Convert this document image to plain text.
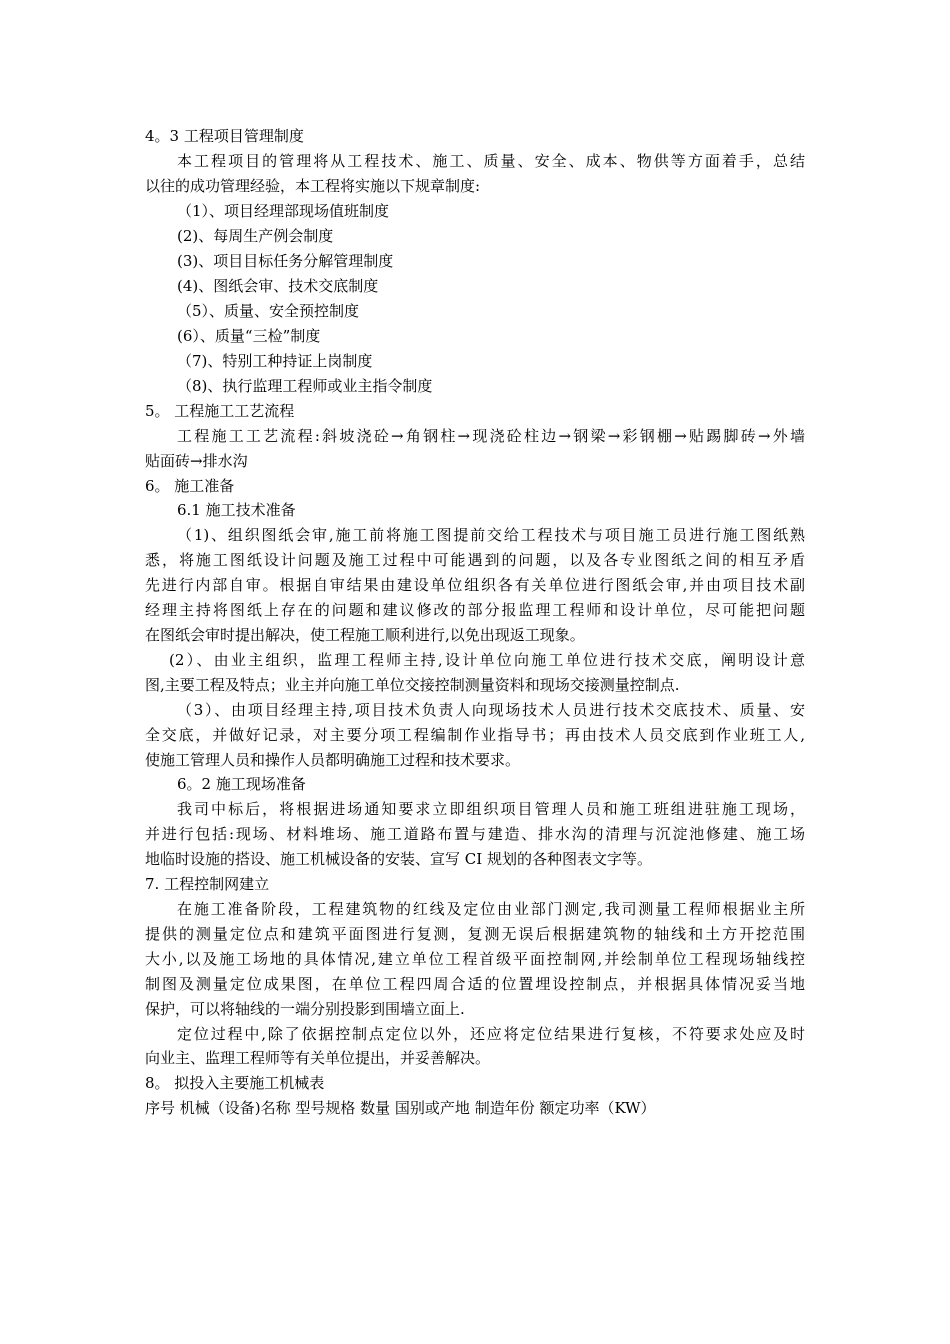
4。3 工程项目管理制度
本工程项目的管理将从工程技术、施工、质量、安全、成本、物供等方面着手，总结
以往的成功管理经验，本工程将实施以下规章制度:
（1）、项目经理部现场值班制度
(2)、每周生产例会制度
(3)、项目目标任务分解管理制度
(4)、图纸会审、技术交底制度
（5）、质量、安全预控制度
(6）、质量“三检”制度
（7)、特别工种持证上岗制度
（8)、执行监理工程师或业主指令制度
5。 工程施工工艺流程
工程施工工艺流程:斜坡浇砼→角钢柱→现浇砼柱边→钢梁→彩钢棚→贴踢脚砖→外墙
贴面砖→排水沟
6。 施工准备
6.1 施工技术准备
（1)、组织图纸会审,施工前将施工图提前交给工程技术与项目施工员进行施工图纸熟
悉，将施工图纸设计问题及施工过程中可能遇到的问题，以及各专业图纸之间的相互矛盾
先进行内部自审。根据自审结果由建设单位组织各有关单位进行图纸会审,并由项目技术副
经理主持将图纸上存在的问题和建议修改的部分报监理工程师和设计单位，尽可能把问题
在图纸会审时提出解决，使工程施工顺利进行,以免出现返工现象。
(2）、由业主组织，监理工程师主持,设计单位向施工单位进行技术交底，阐明设计意
图,主要工程及特点；业主并向施工单位交接控制测量资料和现场交接测量控制点.
（3）、由项目经理主持,项目技术负责人向现场技术人员进行技术交底技术、质量、安
全交底，并做好记录，对主要分项工程编制作业指导书；再由技术人员交底到作业班工人,
使施工管理人员和操作人员都明确施工过程和技术要求。
6。2 施工现场准备
我司中标后，将根据进场通知要求立即组织项目管理人员和施工班组进驻施工现场，
并进行包括:现场、材料堆场、施工道路布置与建造、排水沟的清理与沉淀池修建、施工场
地临时设施的搭设、施工机械设备的安装、宣写 CI 规划的各种图表文字等。
7. 工程控制网建立
在施工准备阶段，工程建筑物的红线及定位由业部门测定,我司测量工程师根据业主所
提供的测量定位点和建筑平面图进行复测，复测无误后根据建筑物的轴线和土方开挖范围
大小,以及施工场地的具体情况,建立单位工程首级平面控制网,并绘制单位工程现场轴线控
制图及测量定位成果图，在单位工程四周合适的位置埋设控制点，并根据具体情况妥当地
保护，可以将轴线的一端分别投影到围墙立面上.
定位过程中,除了依据控制点定位以外，还应将定位结果进行复核，不符要求处应及时
向业主、监理工程师等有关单位提出，并妥善解决。
8。 拟投入主要施工机械表
序号 机械（设备)名称 型号规格 数量 国别或产地 制造年份 额定功率（KW）
